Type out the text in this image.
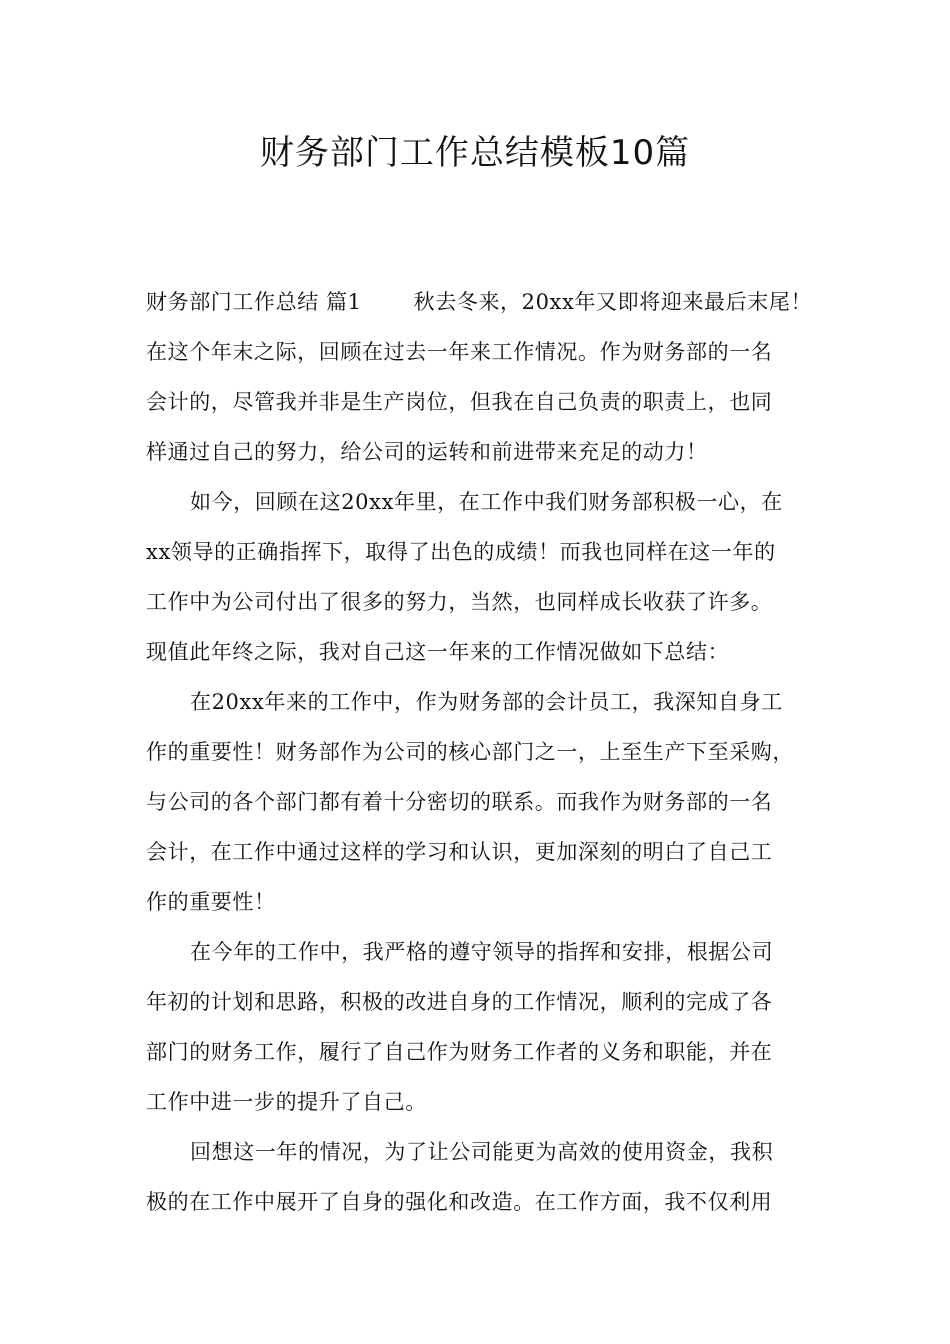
财务部门工作总结模板10篇
财务部门工作总结 篇1 秋去冬来，20xx年又即将迎来最后末尾！
在这个年末之际，回顾在过去一年来工作情况。作为财务部的一名
会计的，尽管我并非是生产岗位，但我在自己负责的职责上，也同
样通过自己的努力，给公司的运转和前进带来充足的动力！
如今，回顾在这20xx年里，在工作中我们财务部积极一心，在
xx领导的正确指挥下，取得了出色的成绩！而我也同样在这一年的
工作中为公司付出了很多的努力，当然，也同样成长收获了许多。
现值此年终之际，我对自己这一年来的工作情况做如下总结：
在20xx年来的工作中，作为财务部的会计员工，我深知自身工
作的重要性！财务部作为公司的核心部门之一，上至生产下至采购，
与公司的各个部门都有着十分密切的联系。而我作为财务部的一名
会计，在工作中通过这样的学习和认识，更加深刻的明白了自己工
作的重要性！
在今年的工作中，我严格的遵守领导的指挥和安排，根据公司
年初的计划和思路，积极的改进自身的工作情况，顺利的完成了各
部门的财务工作，履行了自己作为财务工作者的义务和职能，并在
工作中进一步的提升了自己。
回想这一年的情况，为了让公司能更为高效的使用资金，我积
极的在工作中展开了自身的强化和改造。在工作方面，我不仅利用
